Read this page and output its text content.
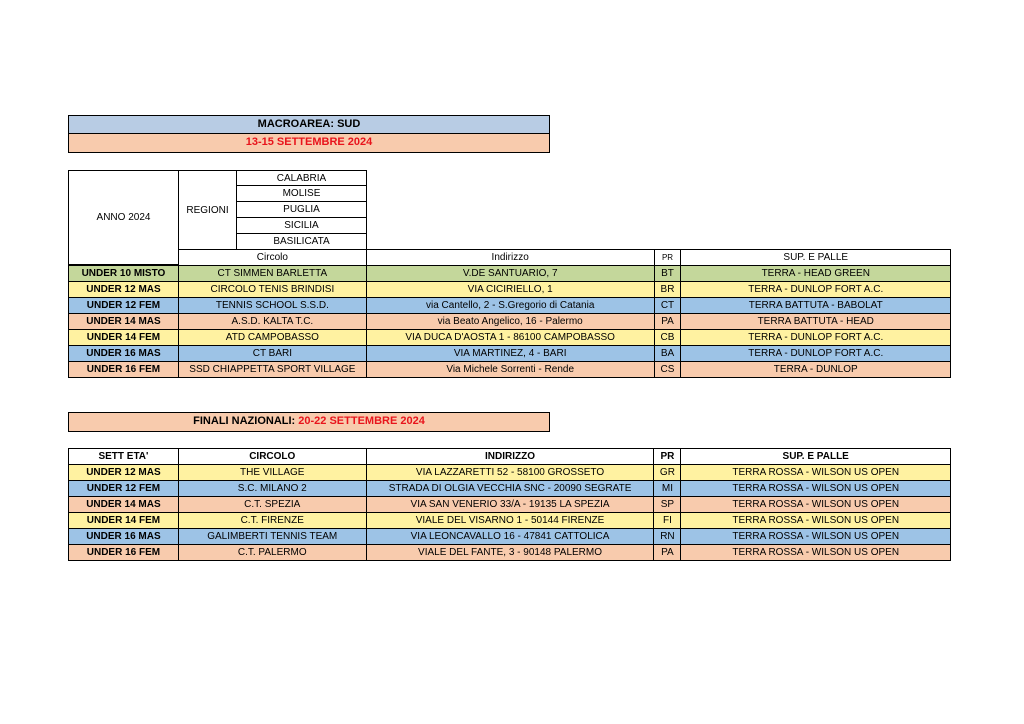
MACROAREA: SUD
13-15 SETTEMBRE 2024
ANNO 2024
REGIONI
CALABRIA
MOLISE
PUGLIA
SICILIA
BASILICATA
	Circolo	Indirizzo	PR	SUP. E PALLE
UNDER 10 MISTO	CT SIMMEN BARLETTA	V.DE SANTUARIO, 7	BT	TERRA - HEAD GREEN
UNDER 12 MAS	CIRCOLO TENIS BRINDISI	VIA CICIRIELLO, 1	BR	TERRA - DUNLOP FORT A.C.
UNDER 12 FEM	TENNIS SCHOOL S.S.D.	via Cantello, 2 - S.Gregorio di Catania	CT	TERRA BATTUTA - BABOLAT
UNDER 14 MAS	A.S.D. KALTA T.C.	via Beato Angelico, 16 - Palermo	PA	TERRA BATTUTA - HEAD
UNDER 14 FEM	ATD CAMPOBASSO	VIA DUCA D'AOSTA 1 - 86100 CAMPOBASSO	CB	TERRA - DUNLOP FORT A.C.
UNDER 16 MAS	CT BARI	VIA MARTINEZ, 4 - BARI	BA	TERRA - DUNLOP FORT A.C.
UNDER 16 FEM	SSD CHIAPPETTA SPORT VILLAGE	Via Michele Sorrenti - Rende	CS	TERRA - DUNLOP
FINALI NAZIONALI: 20-22 SETTEMBRE 2024
SETT ETA'	CIRCOLO	INDIRIZZO	PR	SUP. E PALLE
UNDER 12 MAS	THE VILLAGE	VIA LAZZARETTI 52 - 58100 GROSSETO	GR	TERRA ROSSA - WILSON US OPEN
UNDER 12 FEM	S.C. MILANO 2	STRADA DI OLGIA VECCHIA SNC - 20090 SEGRATE	MI	TERRA ROSSA - WILSON US OPEN
UNDER 14 MAS	C.T. SPEZIA	VIA SAN VENERIO 33/A - 19135 LA SPEZIA	SP	TERRA ROSSA - WILSON US OPEN
UNDER 14 FEM	C.T. FIRENZE	VIALE DEL VISARNO 1 - 50144 FIRENZE	FI	TERRA ROSSA - WILSON US OPEN
UNDER 16 MAS	GALIMBERTI TENNIS TEAM	VIA LEONCAVALLO 16 - 47841 CATTOLICA	RN	TERRA ROSSA - WILSON US OPEN
UNDER 16 FEM	C.T. PALERMO	VIALE DEL FANTE, 3 - 90148 PALERMO	PA	TERRA ROSSA - WILSON US OPEN
